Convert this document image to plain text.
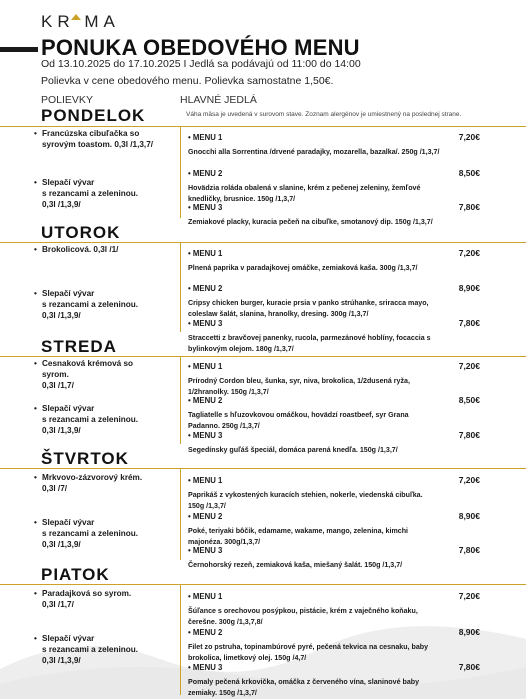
KR MA
PONUKA OBEDOVÉHO MENU
Od 13.10.2025 do 17.10.2025 I Jedlá sa podávajú od 11:00 do 14:00
Polievka v cene obedového menu. Polievka samostatne 1,50€.
POLIEVKY	HLAVNÉ JEDLÁ
Váha mäsa je uvedená v surovom stave. Zoznam alergénov je umiestnený na poslednej strane.
PONDELOK
• Francúzska cibuľačka so
syrovým toastom. 0,3l /1,3,7/
• Slepačí vývar
s rezancami a zeleninou.
0,3l /1,3,9/
• MENU 1	7,20€
Gnocchi alla Sorrentina /drvené paradajky, mozarella, bazalka/. 250g /1,3,7/
• MENU 2	8,50€
Hovädzia roláda obalená v slanine, krém z pečenej zeleniny, žemľové
knedličky, brusnice. 150g /1,3,7/
• MENU 3	7,80€
Zemiakové placky, kuracia pečeň na cibuľke, smotanový dip. 150g /1,3,7/
UTOROK
• Brokolicová. 0,3l /1/
• Slepačí vývar
s rezancami a zeleninou.
0,3l /1,3,9/
• MENU 1	7,20€
Plnená paprika v paradajkovej omáčke, zemiaková kaša. 300g /1,3,7/
• MENU 2	8,90€
Cripsy chicken burger, kuracie prsia v panko strúhanke, sriracca mayo,
coleslaw šalát, slanina, hranolky, dresing. 300g /1,3,7/
• MENU 3	7,80€
Straccetti z bravčovej panenky, rucola, parmezánové hoblíny, focaccia s
bylinkovým olejom. 180g /1,3,7/
STREDA
• Cesnaková krémová so
syrom.
0,3l /1,7/
• Slepačí vývar
s rezancami a zeleninou.
0,3l /1,3,9/
• MENU 1	7,20€
Prírodný Cordon bleu, šunka, syr, niva, brokolica, 1/2dusená ryža,
1/2hranolky. 150g /1,3,7/
• MENU 2	8,50€
Tagliatelle s hľuzovkovou omáčkou, hovädzí roastbeef, syr Grana
Padanno. 250g /1,3,7/
• MENU 3	7,80€
Segedínsky guľáš špeciál, domáca parená knedľa. 150g /1,3,7/
ŠTVRTOK
• Mrkvovo-zázvorový krém.
0,3l /7/
• Slepačí vývar
s rezancami a zeleninou.
0,3l /1,3,9/
• MENU 1	7,20€
Paprikáš z vykostených kuracích stehien, nokerle, viedenská cibuľka.
150g /1,3,7/
• MENU 2	8,90€
Poké, teriyaki bôčik, edamame, wakame, mango, zelenina, kimchi
majonéza. 300g/1,3,7/
• MENU 3	7,80€
Černohorský rezeň, zemiaková kaša, miešaný šalát. 150g /1,3,7/
PIATOK
• Paradajková so syrom.
0,3l /1,7/
• Slepačí vývar
s rezancami a zeleninou.
0,3l /1,3,9/
• MENU 1	7,20€
Šúľance s orechovou posýpkou, pistácie, krém z vaječného koňaku,
čerešne. 300g /1,3,7,8/
• MENU 2	8,90€
Filet zo pstruha, topinambúrové pyré, pečená tekvica na cesnaku, baby
brokolica, limetkový olej. 150g /4,7/
• MENU 3	7,80€
Pomaly pečená krkovička, omáčka z červeného vína, slaninové baby
zemiaky. 150g /1,3,7/
